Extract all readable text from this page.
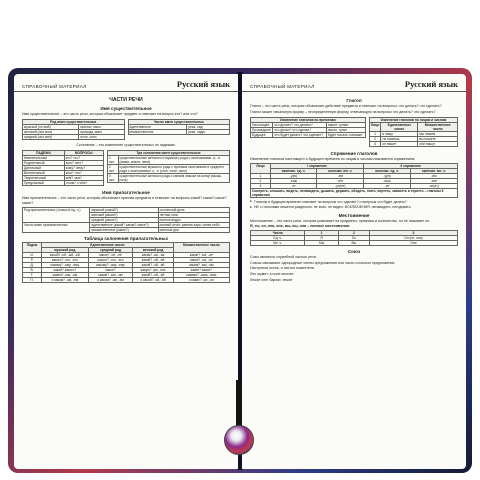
СПРАВОЧНЫЙ МАТЕРИАЛ	Русский язык
ЧАСТИ РЕЧИ
Имя существительное
Имя существительное – это часть речи, которая обозначает предмет и отвечает на вопрос кто? или что?
Род имен существительных	
мужской (он мой)	молоко, мясо
женский (она моя)	природа, мать
средний (оно моё)	поле, окно
Число имен существительных	
единственное	река, сад
множественное	реки, сады
Склонение – это изменение существительных по падежам.
ПАДЕЖИ	ВОПРОСЫ
Именительный	кто? что?
Родительный	кого? чего?
Дательный	кому? чему?
Винительный	кого? что?
Творительный	кем? чем?
Предложный	о ком? о чём?
Три склонения имен существительных	
1 скл.	существительные женского и мужского рода с окончаниями -а, -я (мама, земля, папа)
2 скл.	существительные мужского рода с нулевым окончанием и среднего рода с окончаниями -о, -е (стол, поле, окно)
3 скл.	существительные женского рода с мягким знаком на конце (мышь, ночь)
Имя прилагательное
Имя прилагательное – это часть речи, которая обозначает признак предмета и отвечает на вопросы какой? какая? какое? какие?
Род прилагательных (только в ед. ч.)	мужской (какой?)	солнечный день
	женский (какая?)	летняя ночь
	средний (какое?)	полное ведро
Число имен прилагательных	единственное (какой? какая? какое?)	полный отчёт, ранняя заря, синее небо
	множественное (какие?)	светлые дни
Таблица склонения прилагательных
Падеж	Единственное число			Множественное число
	мужской род	средний род	женский род	
И.	какой? -ой, -ый, -ий	какое? -ое, -ее	какая? -ая, -яя	какие? -ые, -ие
Р.	какого? -ого, -его	какого? -ого, -его	какой? -ой, -ей	каких? -ых, -их
Д.	какому? -ому, -ему	какому? -ому, -ему	какой? -ой, -ей	каким? -ым, -им
В.	какой? какого?	какое?	какую? -ую, -юю	какие? каких?
Т.	каким? -ым, -им	каким? -ым, -им	какой? -ой, -ей	какими? -ыми, -ими
П.	о каком? -ом, -ем	о каком? -ом, -ем	о какой? -ой, -ей	о каких? -ых, -их
СПРАВОЧНЫЙ МАТЕРИАЛ	Русский язык
Глагол
Глагол – это часть речи, которая обозначает действие предмета и отвечает на вопросы: что делать? что сделать?
Глагол может начальную форму – неопределенную форму, отвечающую на вопросы что делать? что сделать?
Изменение глаголов по временам		
Настоящее	что делает? что делают?	пишет, гуляет
Прошедшее	что делал? что сделал?	писал, гулял
Будущее	что будет делать? что сделает?	будет писать, напишет
Изменение глаголов по лицам и числам		
Лицо	Единственное число	Множественное число
1	я пишу	мы пишем
2	ты пишешь	вы пишете
3	он пишет	они пишут
Спряжение глаголов
Изменение глаголов настоящего и будущего времени по лицам и числам называется спряжением.
Лицо	I спряжение		II спряжение	
	окончан. ед. ч.	окончан. мн. ч.	окончан. ед. ч.	окончан. мн. ч.
1	-у(ю)	-ем	-у(ю)	-им
2	-ешь	-ете	-ишь	-ите
3	-ет	-ут(ют)	-ит	-ат(ят)
Смотреть, слышать, видеть, ненавидеть, дышать, держать, обидеть, гнать, вертеть, зависеть и терпеть – глаголы II спряжения				
■ Глаголы в будущем времени отвечают на вопросы что сделает? и вопросы что будет делать?
■ НЕ с глаголами пишется раздельно: не знал, не видел. ИСКЛЮЧЕНИЯ: ненавидеть, негодовать.
Местоимение
Местоимение – это часть речи, которая указывает на предметы, признаки и количество, но не называет их.
Я, ты, он, она, оно, мы, вы, они – личные местоимения.
Число	1	2	3
Ед. ч.	Я	Ты	Он (он, она)
Мн. ч.	Мы	Вы	Они
Союз
Союз является служебной частью речи.
Союзы связывают однородные члены предложения или части сложного предложения.
Наступила осень, и листья пожелтели.
Лес шумит, а поле молчит.
Лежит снег бархат, лежит
